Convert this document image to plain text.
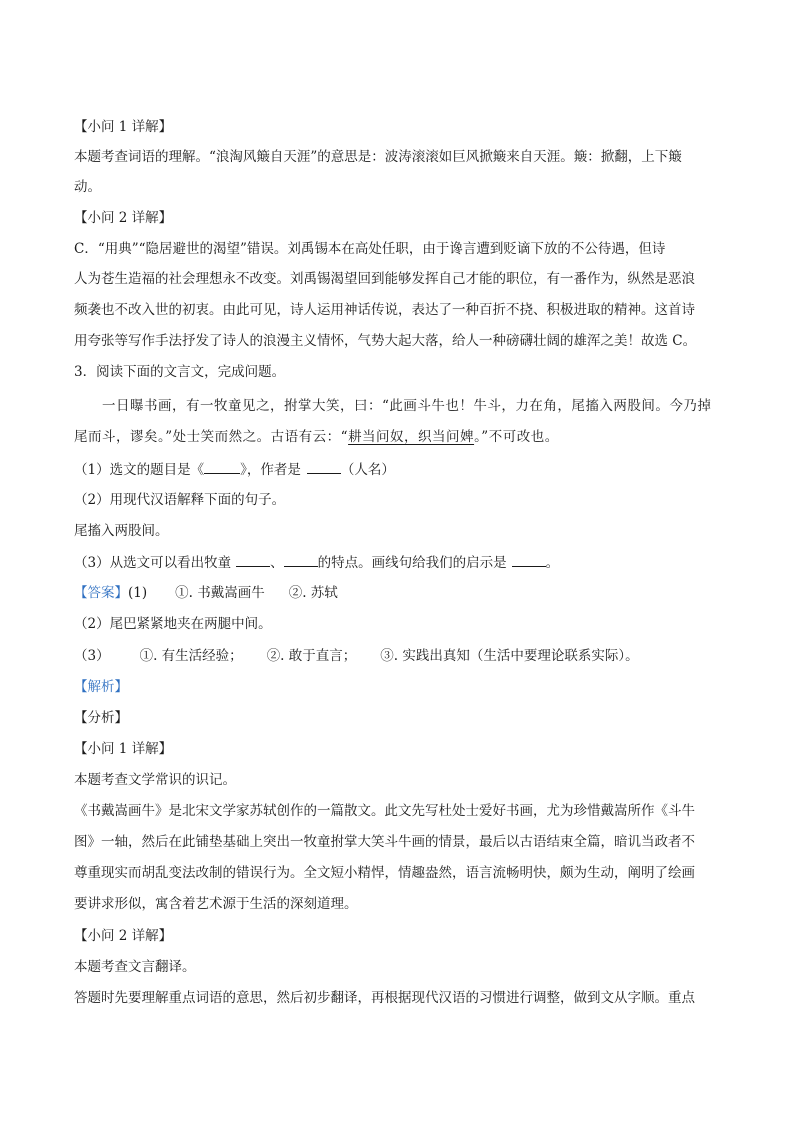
【小问 1 详解】
本题考查词语的理解。“浪淘风簸自天涯”的意思是：波涛滚滚如巨风掀簸来自天涯。簸：掀翻，上下簸
动。
【小问 2 详解】
C．“用典”“隐居避世的渴望”错误。刘禹锡本在高处任职，由于谗言遭到贬谪下放的不公待遇，但诗
人为苍生造福的社会理想永不改变。刘禹锡渴望回到能够发挥自己才能的职位，有一番作为，纵然是恶浪
频袭也不改入世的初衷。由此可见，诗人运用神话传说，表达了一种百折不挠、积极进取的精神。这首诗
用夸张等写作手法抒发了诗人的浪漫主义情怀，气势大起大落，给人一种磅礴壮阔的雄浑之美！故选 C。
3．阅读下面的文言文，完成问题。
一日曝书画，有一牧童见之，拊掌大笑，曰：“此画斗牛也！牛斗，力在角，尾搐入两股间。今乃掉
尾而斗，谬矣。”处士笑而然之。古语有云：“耕当问奴，织当问婢。”不可改也。
（1）选文的题目是《	》，作者是	（人名）
（2）用现代汉语解释下面的句子。
尾搐入两股间。
（3）从选文可以看出牧童	、	的特点。画线句给我们的启示是	。
【答案】(1) ①. 书戴嵩画牛 ②. 苏轼
（2）尾巴紧紧地夹在两腿中间。
（3） ①. 有生活经验； ②. 敢于直言； ③. 实践出真知（生活中要理论联系实际）。
【解析】
【分析】
【小问 1 详解】
本题考查文学常识的识记。
《书戴嵩画牛》是北宋文学家苏轼创作的一篇散文。此文先写杜处士爱好书画，尤为珍惜戴嵩所作《斗牛
图》一轴，然后在此铺垫基础上突出一牧童拊掌大笑斗牛画的情景，最后以古语结束全篇，暗讥当政者不
尊重现实而胡乱变法改制的错误行为。全文短小精悍，情趣盎然，语言流畅明快，颇为生动，阐明了绘画
要讲求形似，寓含着艺术源于生活的深刻道理。
【小问 2 详解】
本题考查文言翻译。
答题时先要理解重点词语的意思，然后初步翻译，再根据现代汉语的习惯进行调整，做到文从字顺。重点
